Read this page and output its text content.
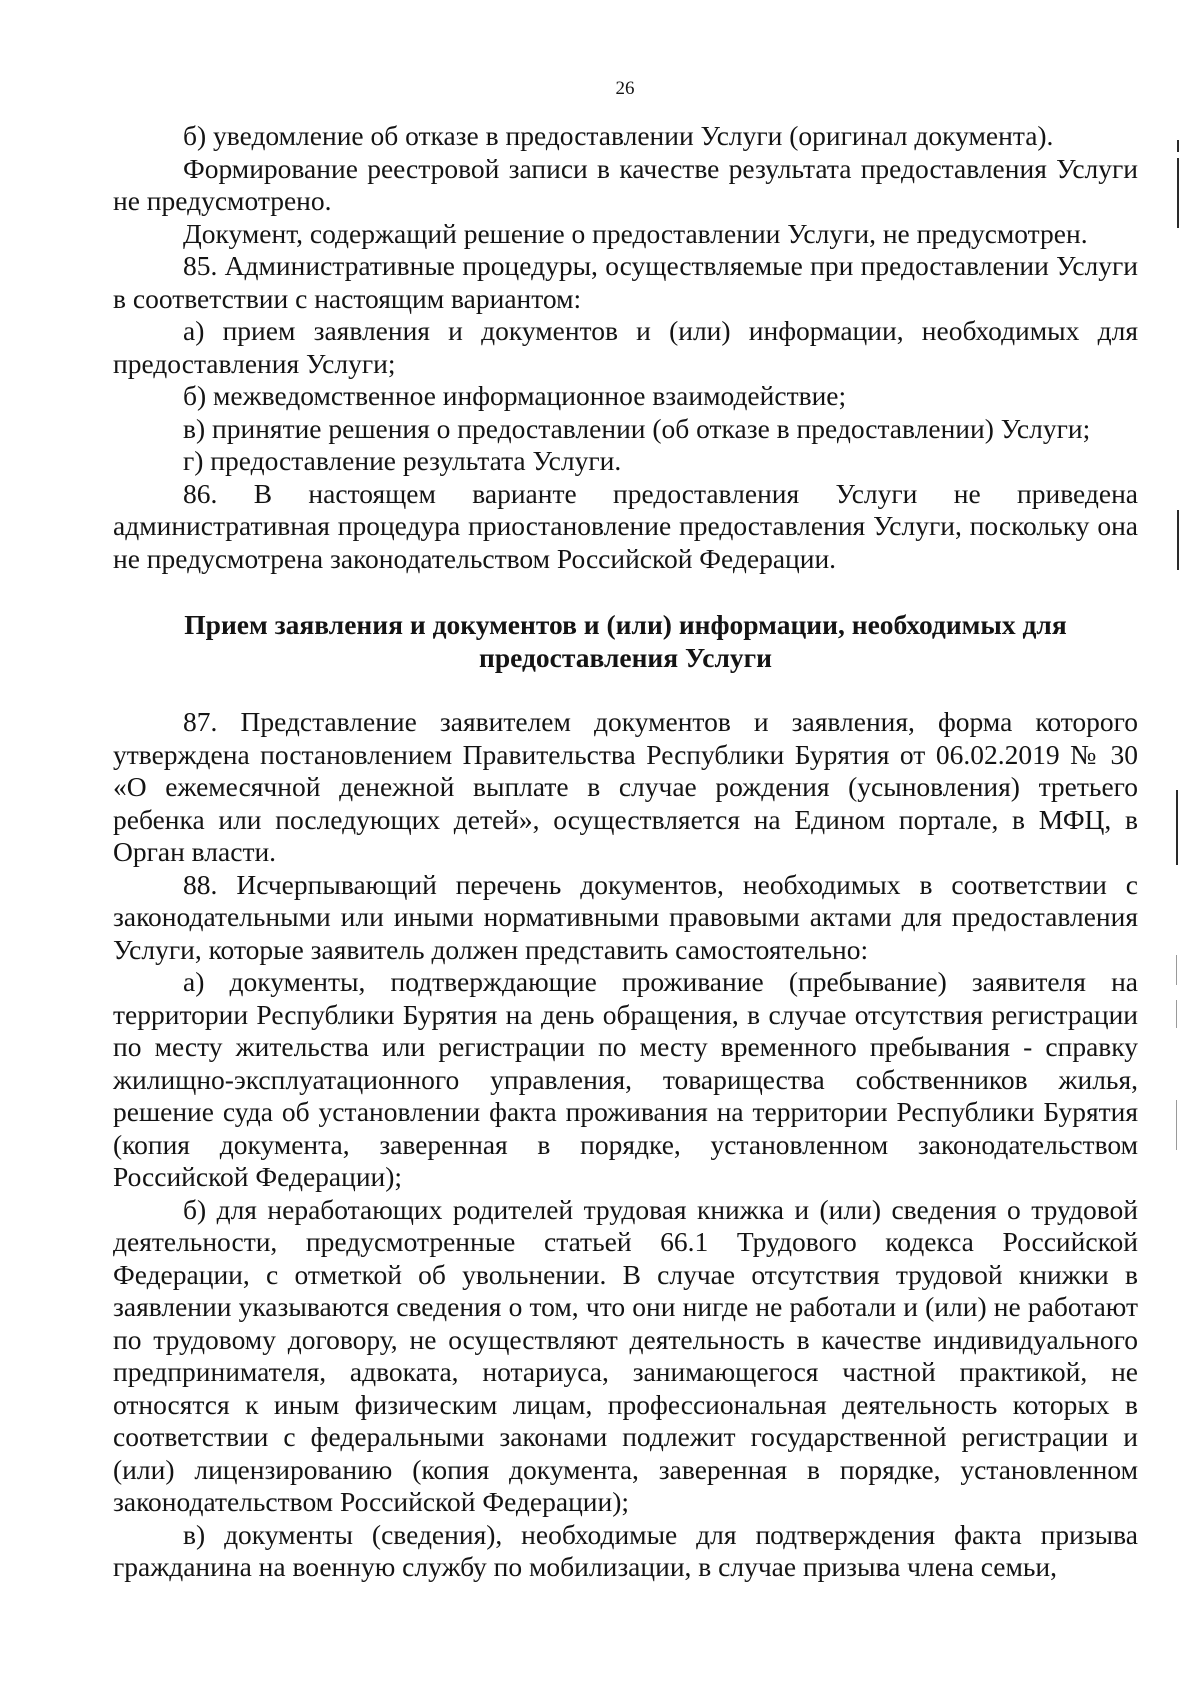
26

б) уведомление об отказе в предоставлении Услуги (оригинал документа).

Формирование реестровой записи в качестве результата предоставления Услуги не предусмотрено.

Документ, содержащий решение о предоставлении Услуги, не предусмотрен.

85. Административные процедуры, осуществляемые при предоставлении Услуги в соответствии с настоящим вариантом:

а) прием заявления и документов и (или) информации, необходимых для предоставления Услуги;

б) межведомственное информационное взаимодействие;

в) принятие решения о предоставлении (об отказе в предоставлении) Услуги;

г) предоставление результата Услуги.

86. В настоящем варианте предоставления Услуги не приведена административная процедура приостановление предоставления Услуги, поскольку она не предусмотрена законодательством Российской Федерации.

Прием заявления и документов и (или) информации, необходимых для
предоставления Услуги

87. Представление заявителем документов и заявления, форма которого утверждена постановлением Правительства Республики Бурятия от 06.02.2019 № 30 «О ежемесячной денежной выплате в случае рождения (усыновления) третьего ребенка или последующих детей», осуществляется на Едином портале, в МФЦ, в Орган власти.

88. Исчерпывающий перечень документов, необходимых в соответствии с законодательными или иными нормативными правовыми актами для предоставления Услуги, которые заявитель должен представить самостоятельно:

а) документы, подтверждающие проживание (пребывание) заявителя на территории Республики Бурятия на день обращения, в случае отсутствия регистрации по месту жительства или регистрации по месту временного пребывания - справку жилищно-эксплуатационного управления, товарищества собственников жилья, решение суда об установлении факта проживания на территории Республики Бурятия (копия документа, заверенная в порядке, установленном законодательством Российской Федерации);

б) для неработающих родителей трудовая книжка и (или) сведения о трудовой деятельности, предусмотренные статьей 66.1 Трудового кодекса Российской Федерации, с отметкой об увольнении. В случае отсутствия трудовой книжки в заявлении указываются сведения о том, что они нигде не работали и (или) не работают по трудовому договору, не осуществляют деятельность в качестве индивидуального предпринимателя, адвоката, нотариуса, занимающегося частной практикой, не относятся к иным физическим лицам, профессиональная деятельность которых в соответствии с федеральными законами подлежит государственной регистрации и (или) лицензированию (копия документа, заверенная в порядке, установленном законодательством Российской Федерации);

в) документы (сведения), необходимые для подтверждения факта призыва гражданина на военную службу по мобилизации, в случае призыва члена семьи,
